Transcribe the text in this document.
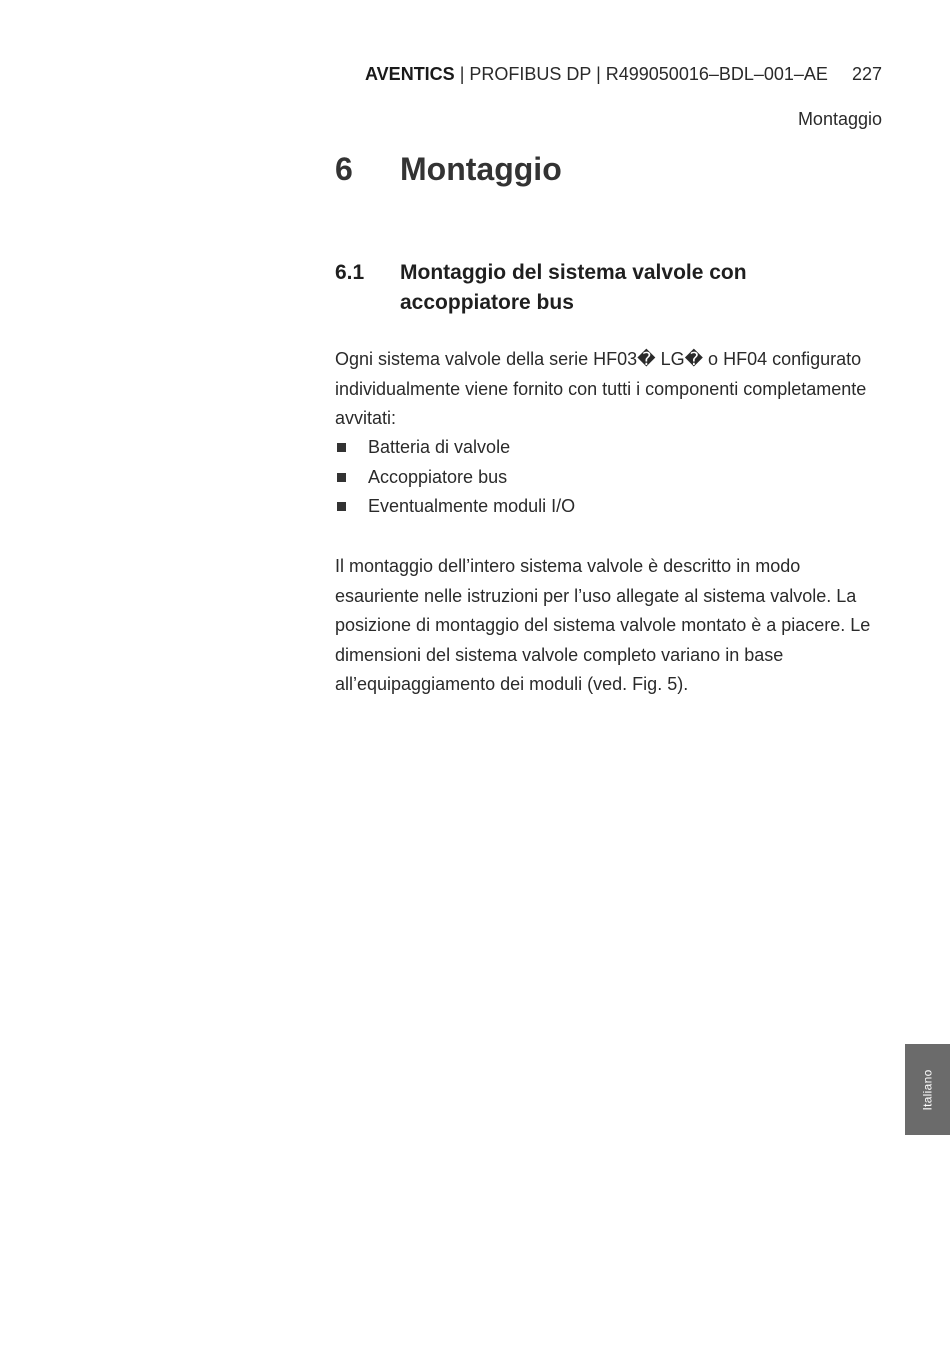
AVENTICS | PROFIBUS DP | R499050016–BDL–001–AE 227
Montaggio
6 Montaggio
6.1 Montaggio del sistema valvole con accoppiatore bus

Ogni sistema valvole della serie HF03� LG� o HF04 configurato individualmente viene fornito con tutti i componenti completamente avvitati:

Batteria di valvole
Accoppiatore bus
Eventualmente moduli I/O

Il montaggio dell’intero sistema valvole è descritto in modo esauriente nelle istruzioni per l’uso allegate al sistema valvole. La posizione di montaggio del sistema valvole montato è a piacere. Le dimensioni del sistema valvole completo variano in base all’equipaggiamento dei moduli (ved. Fig. 5).

Italiano
